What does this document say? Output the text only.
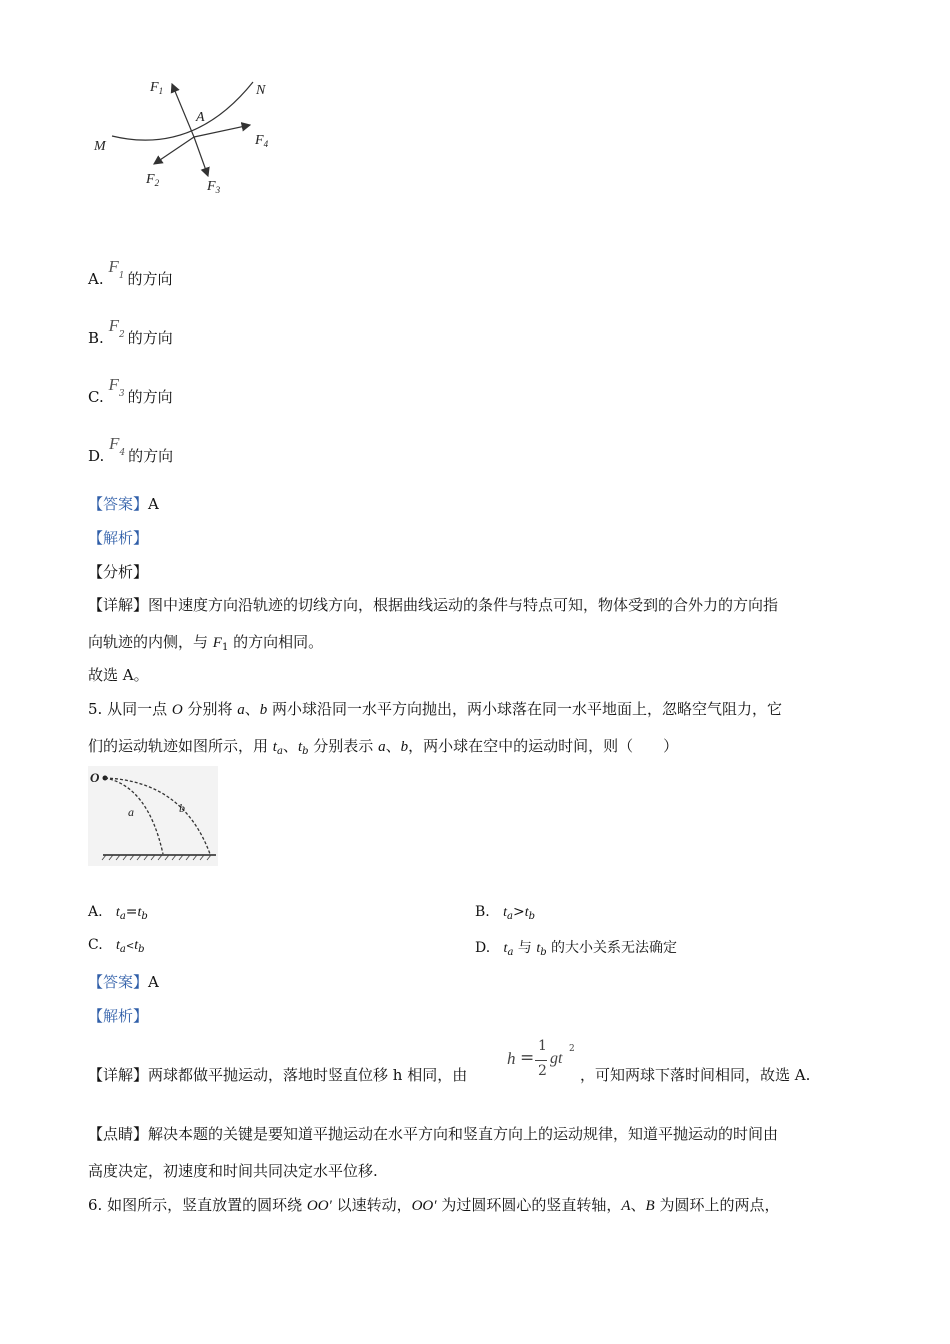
$F_1$	N
A
M	$F_4$
$F_2$	$F_3$
A. $F^1$ 的方向
B. $F^2$ 的方向
C. $F^3$ 的方向
D. $F^4$ 的方向
【答案】A
【解析】
【分析】
【详解】图中速度方向沿轨迹的切线方向，根据曲线运动的条件与特点可知，物体受到的合外力的方向指
向轨迹的内侧，与 $F_1$ 的方向相同。
故选 A。
5. 从同一点 O 分别将 a、b 两小球沿同一水平方向抛出，两小球落在同一水平地面上，忽略空气阻力，它
们的运动轨迹如图所示，用 $t_a$、$t_b$ 分别表示 a、b，两小球在空中的运动时间，则（　　）
O
a	b
A. $t_a=t_b$	B. $t_a>t_b$
C. $t_a<t_b$	D. $t_a$ 与 $t_b$ 的大小关系无法确定
【答案】A
【解析】
【详解】两球都做平抛运动，落地时竖直位移 h 相同，由
h =
1
2
gt
2
，可知两球下落时间相同，故选 A.
【点睛】解决本题的关键是要知道平抛运动在水平方向和竖直方向上的运动规律，知道平抛运动的时间由
高度决定，初速度和时间共同决定水平位移.
6. 如图所示，竖直放置的圆环绕 OO′ 以速转动，OO′ 为过圆环圆心的竖直转轴，A、B 为圆环上的两点，
